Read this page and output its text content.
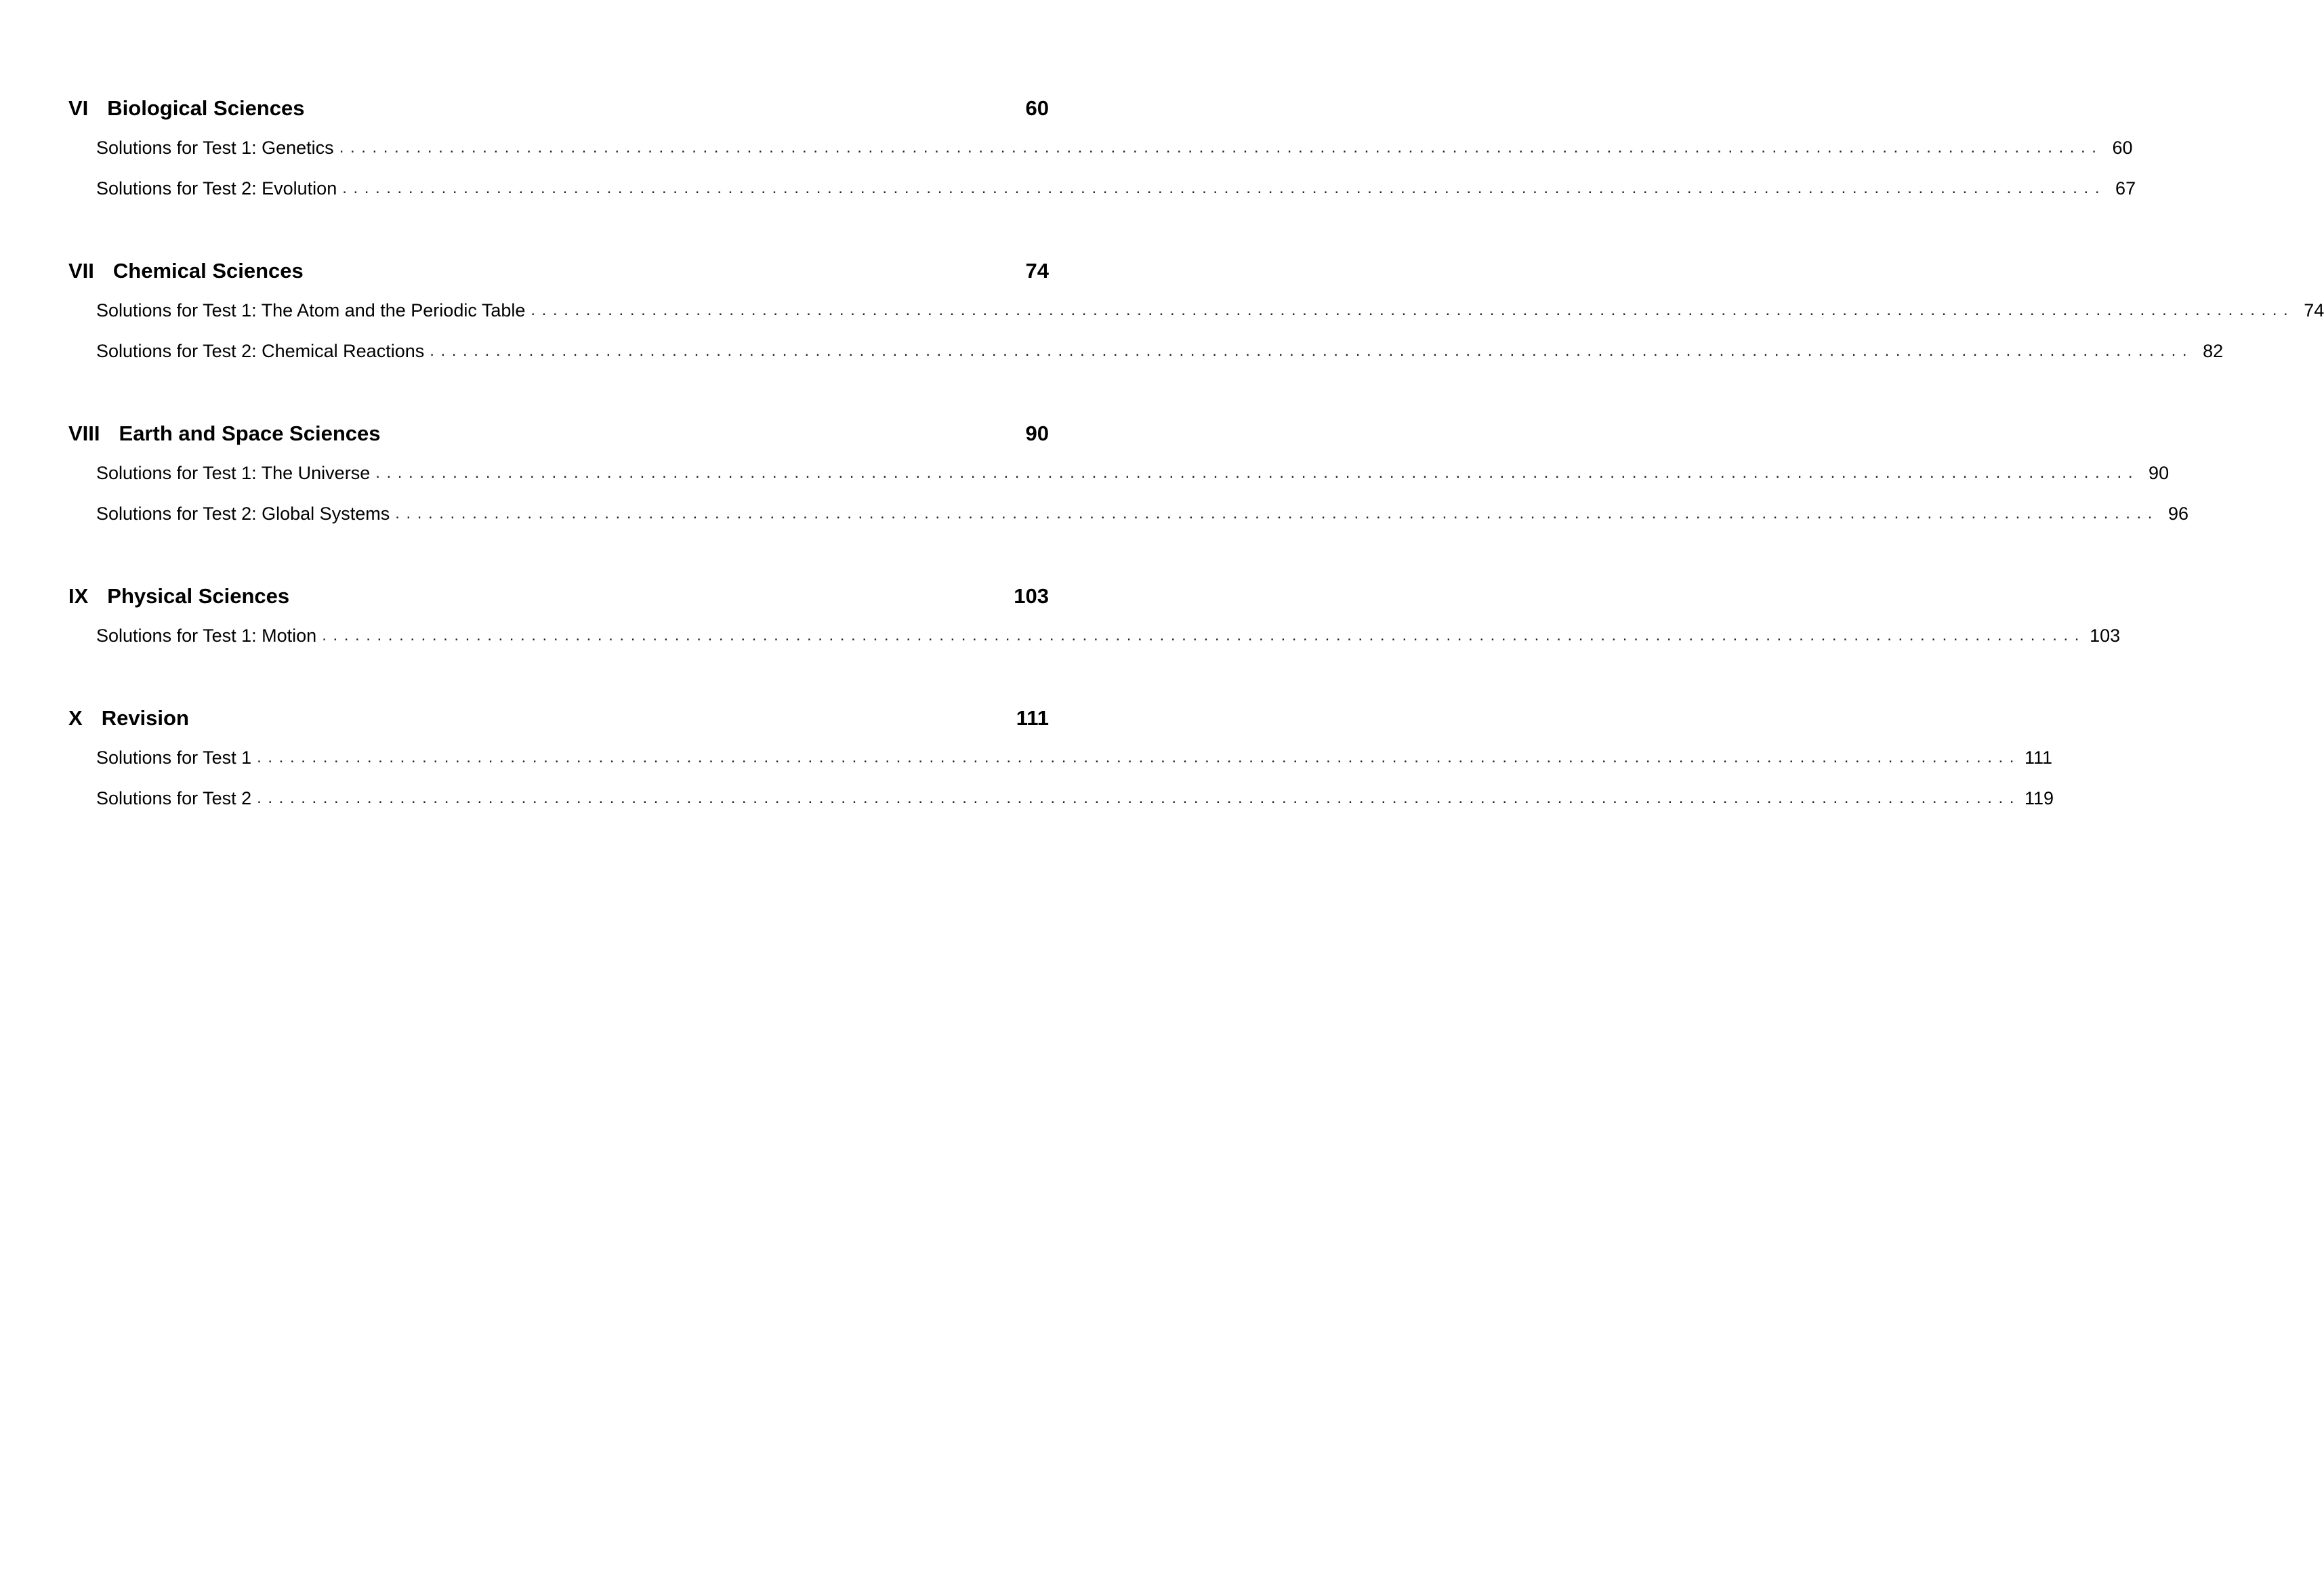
VI Biological Sciences	60
Solutions for Test 1: Genetics ................................................................................................................................................................ 60
Solutions for Test 2: Evolution ................................................................................................................................................................ 67
VII Chemical Sciences	74
Solutions for Test 1: The Atom and the Periodic Table ................................................................................................................................................................ 74
Solutions for Test 2: Chemical Reactions ................................................................................................................................................................ 82
VIII Earth and Space Sciences	90
Solutions for Test 1: The Universe ................................................................................................................................................................ 90
Solutions for Test 2: Global Systems ................................................................................................................................................................ 96
IX Physical Sciences	103
Solutions for Test 1: Motion ................................................................................................................................................................ 103
X Revision	111
Solutions for Test 1 ................................................................................................................................................................ 111
Solutions for Test 2 ................................................................................................................................................................ 119
